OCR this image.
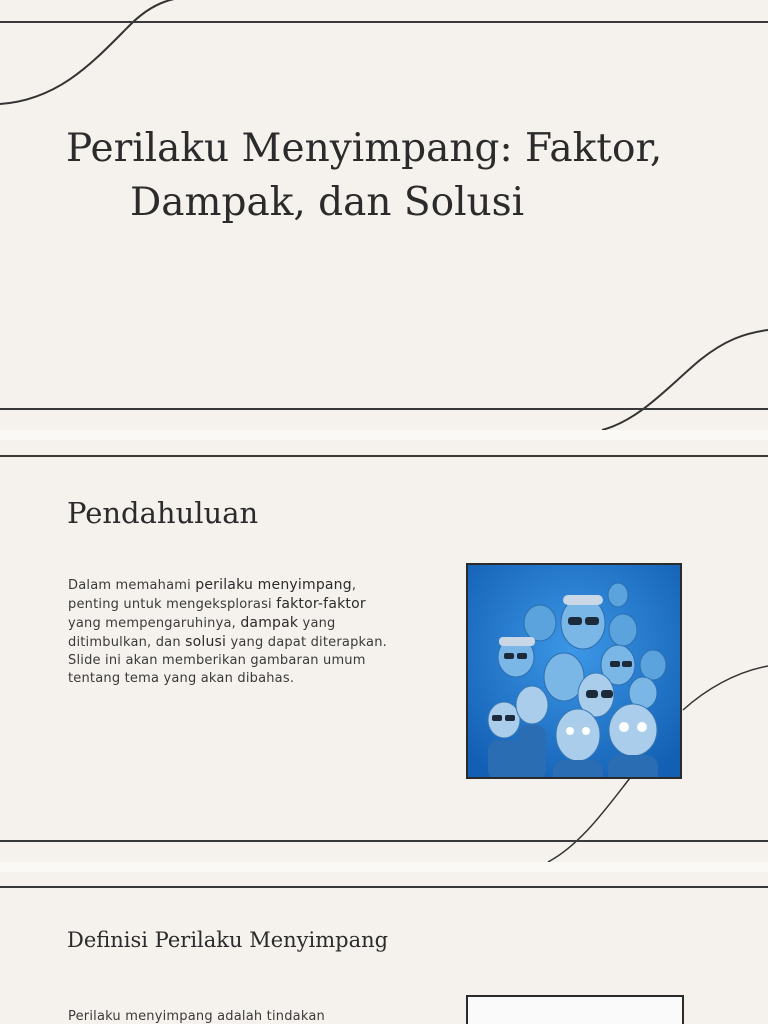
Perilaku Menyimpang: Faktor,
Dampak, dan Solusi
Pendahuluan
Dalam memahami perilaku menyimpang, penting untuk mengeksplorasi faktor-faktor yang mempengaruhinya, dampak yang ditimbulkan, dan solusi yang dapat diterapkan. Slide ini akan memberikan gambaran umum tentang tema yang akan dibahas.
Definisi Perilaku Menyimpang
Perilaku menyimpang adalah tindakan
